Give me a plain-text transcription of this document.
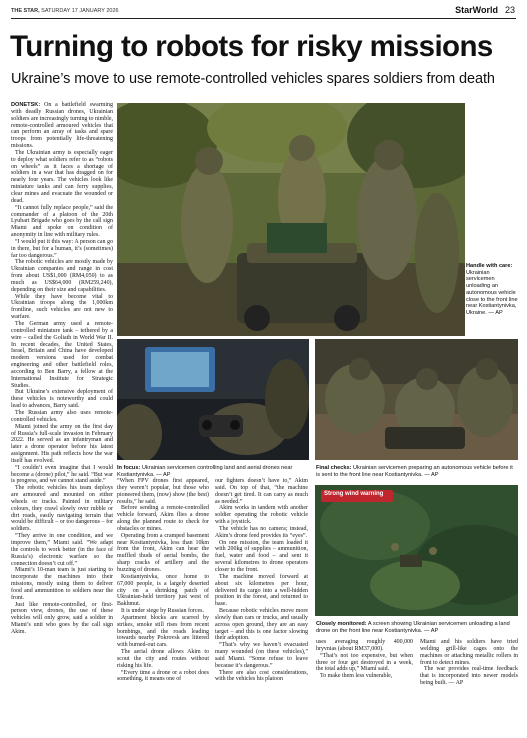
THE STAR, SATURDAY 17 JANUARY 2026	StarWorld 23
Turning to robots for risky missions
Ukraine’s move to use remote-controlled vehicles spares soldiers from death

DONETSK: On a battlefield swarming with deadly Russian drones, Ukrainian soldiers are increasingly turning to nimble, remote-controlled armoured vehicles that can perform an array of tasks and spare troops from potentially life-threatening missions.

The Ukrainian army is especially eager to deploy what soldiers refer to as “robots on wheels” as it faces a shortage of soldiers in a war that has dragged on for nearly four years. The vehicles look like miniature tanks and can ferry supplies, clear mines and evacuate the wounded or dead.

“It cannot fully replace people,” said the commander of a platoon of the 20th Lyubart Brigade who goes by the call sign Miami and spoke on condition of anonymity in line with military rules.

“I would put it this way: A person can go in there, but for a human, it’s (sometimes) far too dangerous.”

The robotic vehicles are mostly made by Ukrainian companies and range in cost from about US$1,000 (RM4,050) to as much as US$64,000 (RM259,240), depending on their size and capabilities.

While they have become vital to Ukrainian troops along the 1,000km frontline, such vehicles are not new to warfare.

The German army used a remote-controlled miniature tank – tethered by a wire – called the Goliath in World War II. In recent decades, the United States, Israel, Britain and China have developed modern versions used for combat engineering and other battlefield roles, according to Ben Barry, a fellow at the International Institute for Strategic Studies.

But Ukraine’s extensive deployment of these vehicles is noteworthy and could lead to advances, Barry said.

The Russian army also uses remote-controlled vehicles.

Miami joined the army on the first day of Russia’s full-scale invasion in February 2022. He served as an infantryman and later a drone operator before his latest assignment. His path reflects how the war itself has evolved.

“I couldn’t even imagine that I would become a (drone) pilot,” he said. “But war is progress, and we cannot stand aside.”

The robotic vehicles his team deploys are armoured and mounted on either wheels or tracks. Painted in military colours, they crawl slowly over rubble or dirt roads, easily navigating terrain that would be difficult – or too dangerous – for soldiers.

“They arrive in one condition, and we improve them,” Miami said. “We adapt the controls to work better (in the face of Russia’s) electronic warfare so the connection doesn’t cut off.”

Miami’s 10-man team is just starting to incorporate the machines into their missions, mostly using them to deliver food and ammunition to soldiers near the front.

Just like remote-controlled, or first-person view, drones, the use of these vehicles will only grow, said a soldier in Miami’s unit who goes by the call sign Akim.

Handle with care: Ukrainian servicemen unloading an autonomous vehicle close to the front line near Kostiantynivka, Ukraine. — AP
In focus: Ukrainian servicemen controlling land and aerial drones near Kostiantynivka. — AP
Final checks: Ukrainian servicemen preparing an autonomous vehicle before it is sent to the front line near Kostiantynivka. — AP
Strong wind warning
Closely monitored: A screen showing Ukrainian servicemen unloading a land drone on the front line near Kostiantynivka. — AP

“When FPV drones first appeared, they weren’t popular, but those who pioneered them, (now) show (the best) results,” he said.

Before sending a remote-controlled vehicle forward, Akim flies a drone along the planned route to check for obstacles or mines.

Operating from a cramped basement near Kostiantynivka, less than 10km from the front, Akim can hear the muffled thuds of aerial bombs, the sharp cracks of artillery and the buzzing of drones.

Kostiantynivka, once home to 67,000 people, is a largely deserted city on a shrinking patch of Ukrainian-held territory just west of Bakhmut.

It is under siege by Russian forces.

Apartment blocks are scarred by strikes, smoke still rises from recent bombings, and the roads leading towards nearby Pokrovsk are littered with burned-out cars.

The aerial drone allows Akim to scout the city and routes without risking his life.

“Every time a drone or a robot does something, it means one of

our fighters doesn’t have to,” Akim said. On top of that, “the machine doesn’t get tired. It can carry as much as needed.”

Akim works in tandem with another soldier operating the robotic vehicle with a joystick.

The vehicle has no camera; instead, Akim’s drone feed provides its “eyes”.

On one mission, the team loaded it with 200kg of supplies – ammunition, fuel, water and food – and sent it several kilometres to drone operators closer to the front.

The machine moved forward at about six kilometres per hour, delivered its cargo into a well-hidden position in the forest, and returned to base.

Because robotic vehicles move more slowly than cars or trucks, and usually across open ground, they are an easy target – and this is one factor slowing their adoption.

“That’s why we haven’t evacuated many wounded (on these vehicles),” said Miami. “Some refuse to leave because it’s dangerous.”

There are also cost considerations, with the vehicles his platoon

uses averaging roughly 400,000 hryvnias (about RM37,000).

“That’s not too expensive, but when three or four get destroyed in a week, the total adds up,” Miami said.

To make them less vulnerable,

Miami and his soldiers have tried welding grill-like cages onto the machines or attaching metallic rollers in front to detect mines.

The war provides real-time feedback that is incorporated into newer models being built. — AP
